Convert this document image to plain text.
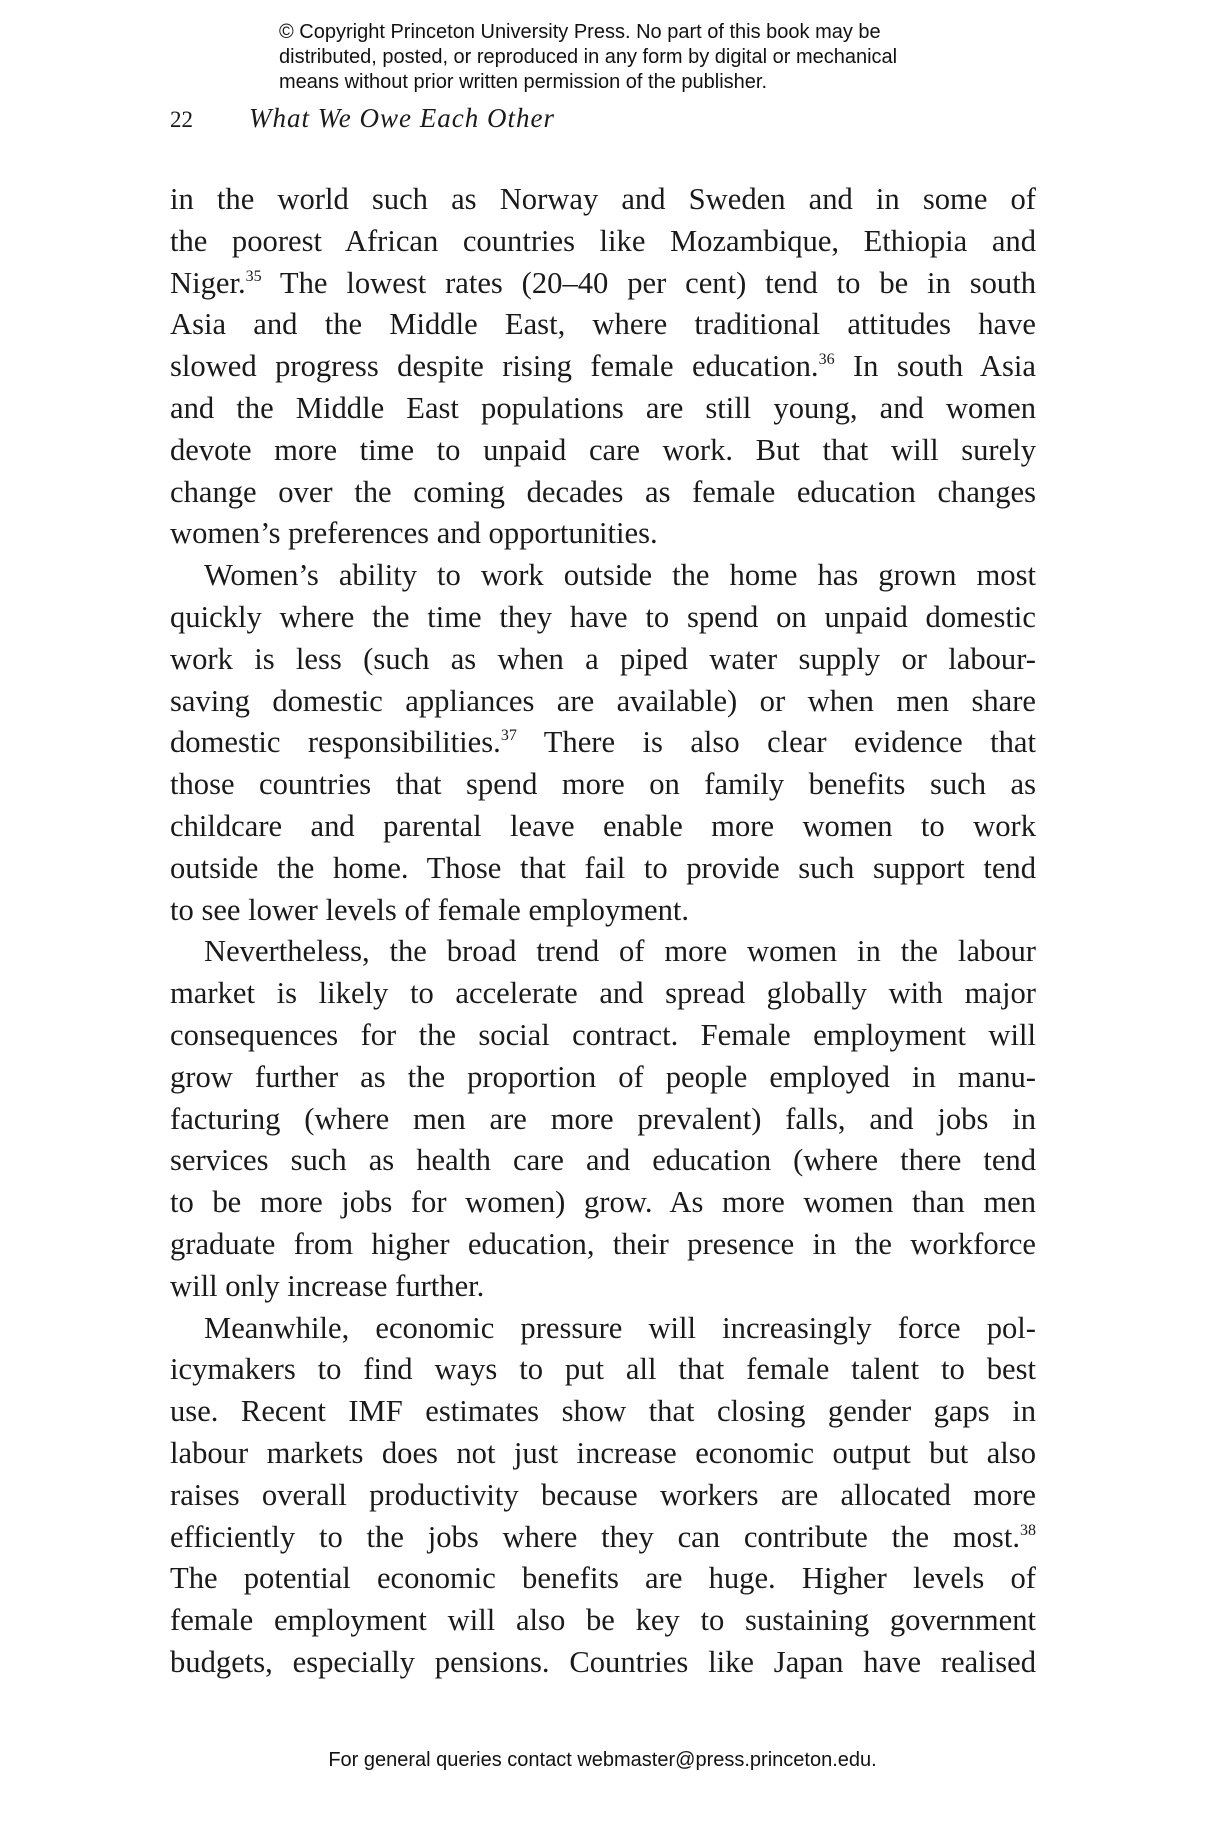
© Copyright Princeton University Press. No part of this book may be
distributed, posted, or reproduced in any form by digital or mechanical
means without prior written permission of the publisher.
22 What We Owe Each Other
in the world such as Norway and Sweden and in some of
the poorest African countries like Mozambique, Ethiopia and
Niger.$^{35}$ The lowest rates (20–40 per cent) tend to be in south
Asia and the Middle East, where traditional attitudes have
slowed progress despite rising female education.$^{36}$ In south Asia
and the Middle East populations are still young, and women
devote more time to unpaid care work. But that will surely
change over the coming decades as female education changes
women’s preferences and opportunities.
Women’s ability to work outside the home has grown most
quickly where the time they have to spend on unpaid domestic
work is less (such as when a piped water supply or labour-
saving domestic appliances are available) or when men share
domestic responsibilities.$^{37}$ There is also clear evidence that
those countries that spend more on family benefits such as
childcare and parental leave enable more women to work
outside the home. Those that fail to provide such support tend
to see lower levels of female employment.
Nevertheless, the broad trend of more women in the labour
market is likely to accelerate and spread globally with major
consequences for the social contract. Female employment will
grow further as the proportion of people employed in manu-
facturing (where men are more prevalent) falls, and jobs in
services such as health care and education (where there tend
to be more jobs for women) grow. As more women than men
graduate from higher education, their presence in the workforce
will only increase further.
Meanwhile, economic pressure will increasingly force pol-
icymakers to find ways to put all that female talent to best
use. Recent IMF estimates show that closing gender gaps in
labour markets does not just increase economic output but also
raises overall productivity because workers are allocated more
efficiently to the jobs where they can contribute the most.$^{38}$
The potential economic benefits are huge. Higher levels of
female employment will also be key to sustaining government
budgets, especially pensions. Countries like Japan have realised
For general queries contact webmaster@press.princeton.edu.
